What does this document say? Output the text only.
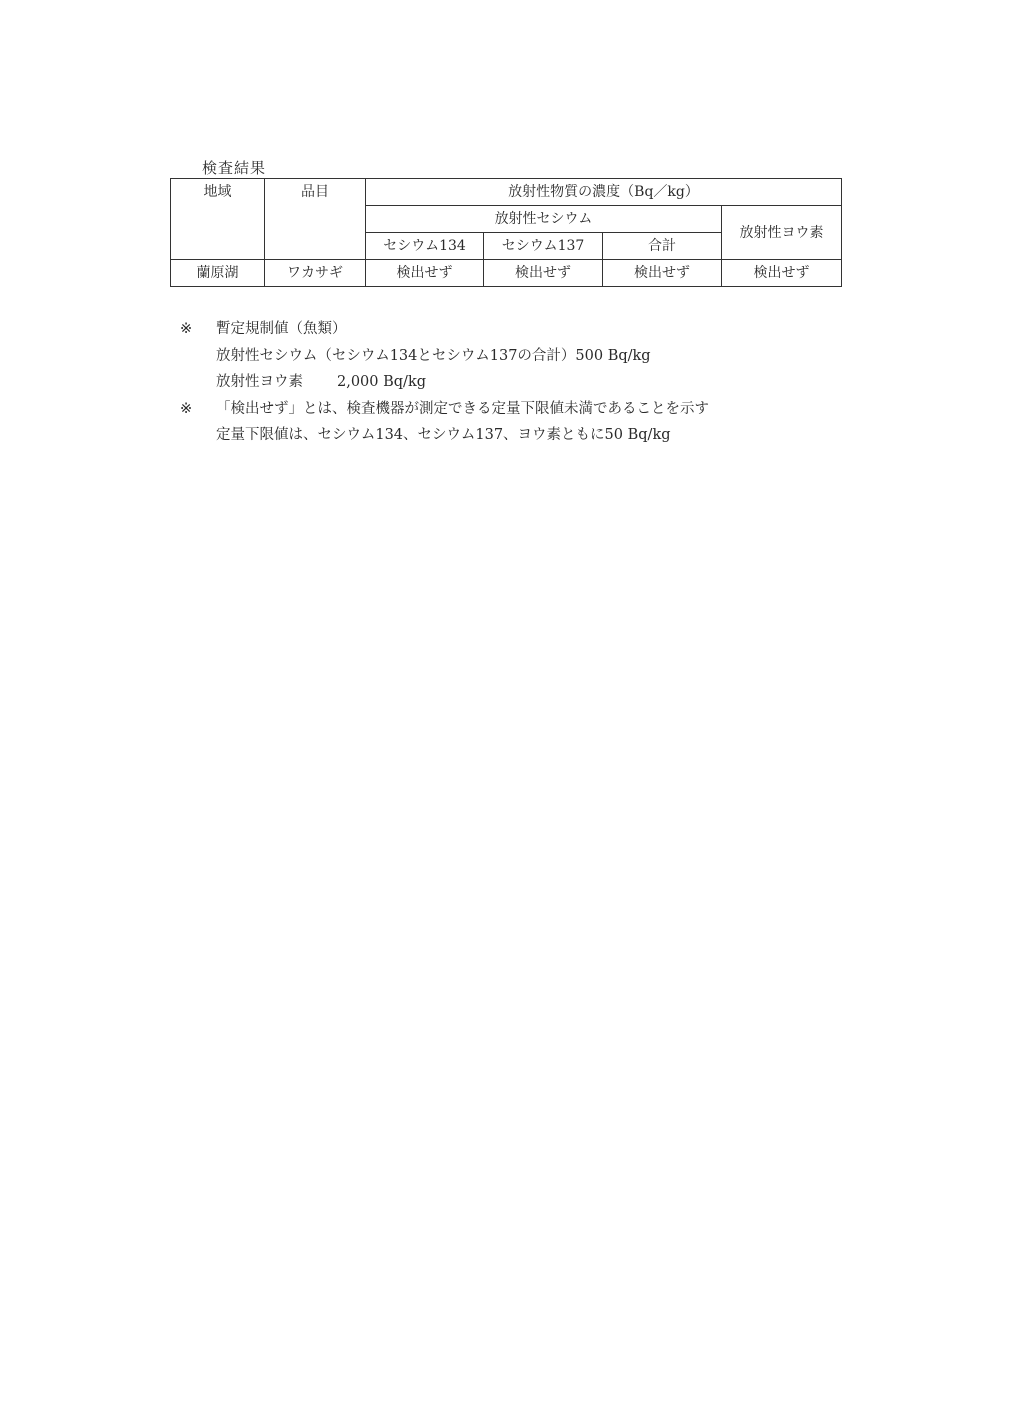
検査結果
地域	品目	放射性物質の濃度（Bq／kg）			
		放射性セシウム			放射性ヨウ素
		セシウム134	セシウム137	合計	
蘭原湖	ワカサギ	検出せず	検出せず	検出せず	検出せず
※	暫定規制値（魚類）
放射性セシウム（セシウム134とセシウム137の合計）500 Bq/kg
放射性ヨウ素 2,000 Bq/kg
※	「検出せず」とは、検査機器が測定できる定量下限値未満であることを示す
定量下限値は、セシウム134、セシウム137、ヨウ素ともに50 Bq/kg
